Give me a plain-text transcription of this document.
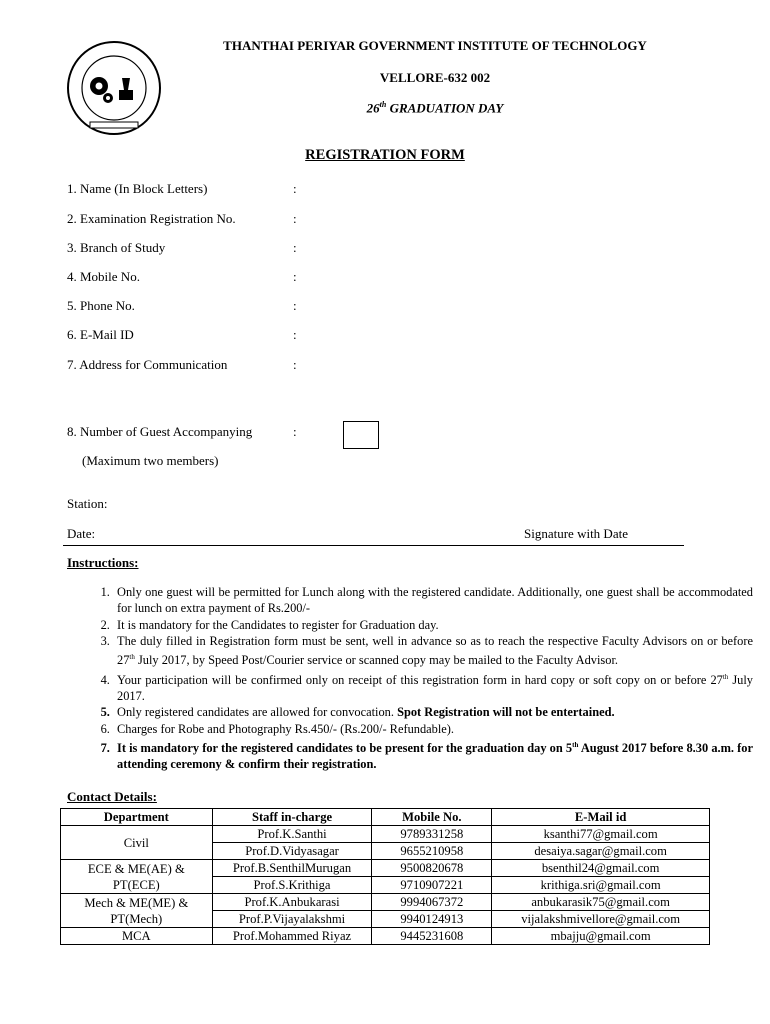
THANTHAI PERIYAR GOVERNMENT INSTITUTE OF TECHNOLOGY
VELLORE-632 002
26th GRADUATION DAY
REGISTRATION FORM
1. Name (In Block Letters)	:
2. Examination Registration No.	:
3. Branch of Study	:
4. Mobile No.	:
5. Phone No.	:
6. E-Mail ID	:
7. Address for Communication	:
8. Number of Guest Accompanying	:
(Maximum two members)
Station:
Date:	Signature with Date
Instructions:
1. Only one guest will be permitted for Lunch along with the registered candidate. Additionally, one guest shall be accommodated for lunch on extra payment of Rs.200/-
2. It is mandatory for the Candidates to register for Graduation day.
3. The duly filled in Registration form must be sent, well in advance so as to reach the respective Faculty Advisors on or before 27th July 2017, by Speed Post/Courier service or scanned copy may be mailed to the Faculty Advisor.
4. Your participation will be confirmed only on receipt of this registration form in hard copy or soft copy on or before 27th July 2017.
5. Only registered candidates are allowed for convocation. Spot Registration will not be entertained.
6. Charges for Robe and Photography Rs.450/- (Rs.200/- Refundable).
7. It is mandatory for the registered candidates to be present for the graduation day on 5th August 2017 before 8.30 a.m. for attending ceremony & confirm their registration.
Contact Details:
Department	Staff in-charge	Mobile No.	E-Mail id
Civil	Prof.K.Santhi	9789331258	ksanthi77@gmail.com
	Prof.D.Vidyasagar	9655210958	desaiya.sagar@gmail.com
ECE & ME(AE) &
PT(ECE)	Prof.B.SenthilMurugan	9500820678	bsenthil24@gmail.com
	Prof.S.Krithiga	9710907221	krithiga.sri@gmail.com
Mech & ME(ME) &
PT(Mech)	Prof.K.Anbukarasi	9994067372	anbukarasik75@gmail.com
	Prof.P.Vijayalakshmi	9940124913	vijalakshmivellore@gmail.com
MCA	Prof.Mohammed Riyaz	9445231608	mbajju@gmail.com
